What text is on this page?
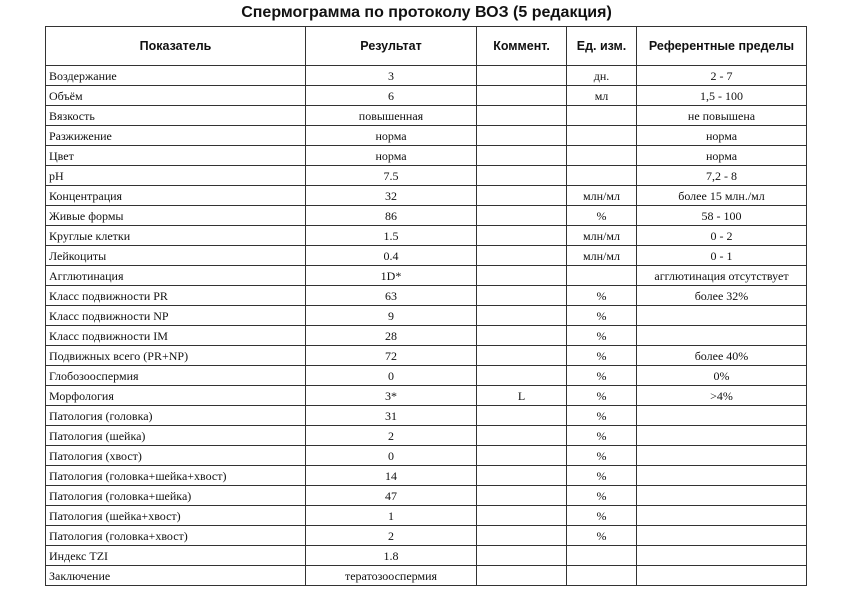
Спермограмма по протоколу ВОЗ (5 редакция)
Показатель	Результат	Коммент.	Ед. изм.	Референтные пределы
Воздержание	3		дн.	2 - 7
Объём	6		мл	1,5 - 100
Вязкость	повышенная			не повышена
Разжижение	норма			норма
Цвет	норма			норма
pH	7.5			7,2 - 8
Концентрация	32		млн/мл	более 15 млн./мл
Живые формы	86		%	58 - 100
Круглые клетки	1.5		млн/мл	0 - 2
Лейкоциты	0.4		млн/мл	0 - 1
Агглютинация	1D*			агглютинация отсутствует
Класс подвижности PR	63		%	более 32%
Класс подвижности NP	9		%	
Класс подвижности IM	28		%	
Подвижных всего (PR+NP)	72		%	более 40%
Глобозооспермия	0		%	0%
Морфология	3*	L	%	>4%
Патология (головка)	31		%	
Патология (шейка)	2		%	
Патология (хвост)	0		%	
Патология (головка+шейка+хвост)	14		%	
Патология (головка+шейка)	47		%	
Патология (шейка+хвост)	1		%	
Патология (головка+хвост)	2		%	
Индекс TZI	1.8			
Заключение	тератозооспермия			
